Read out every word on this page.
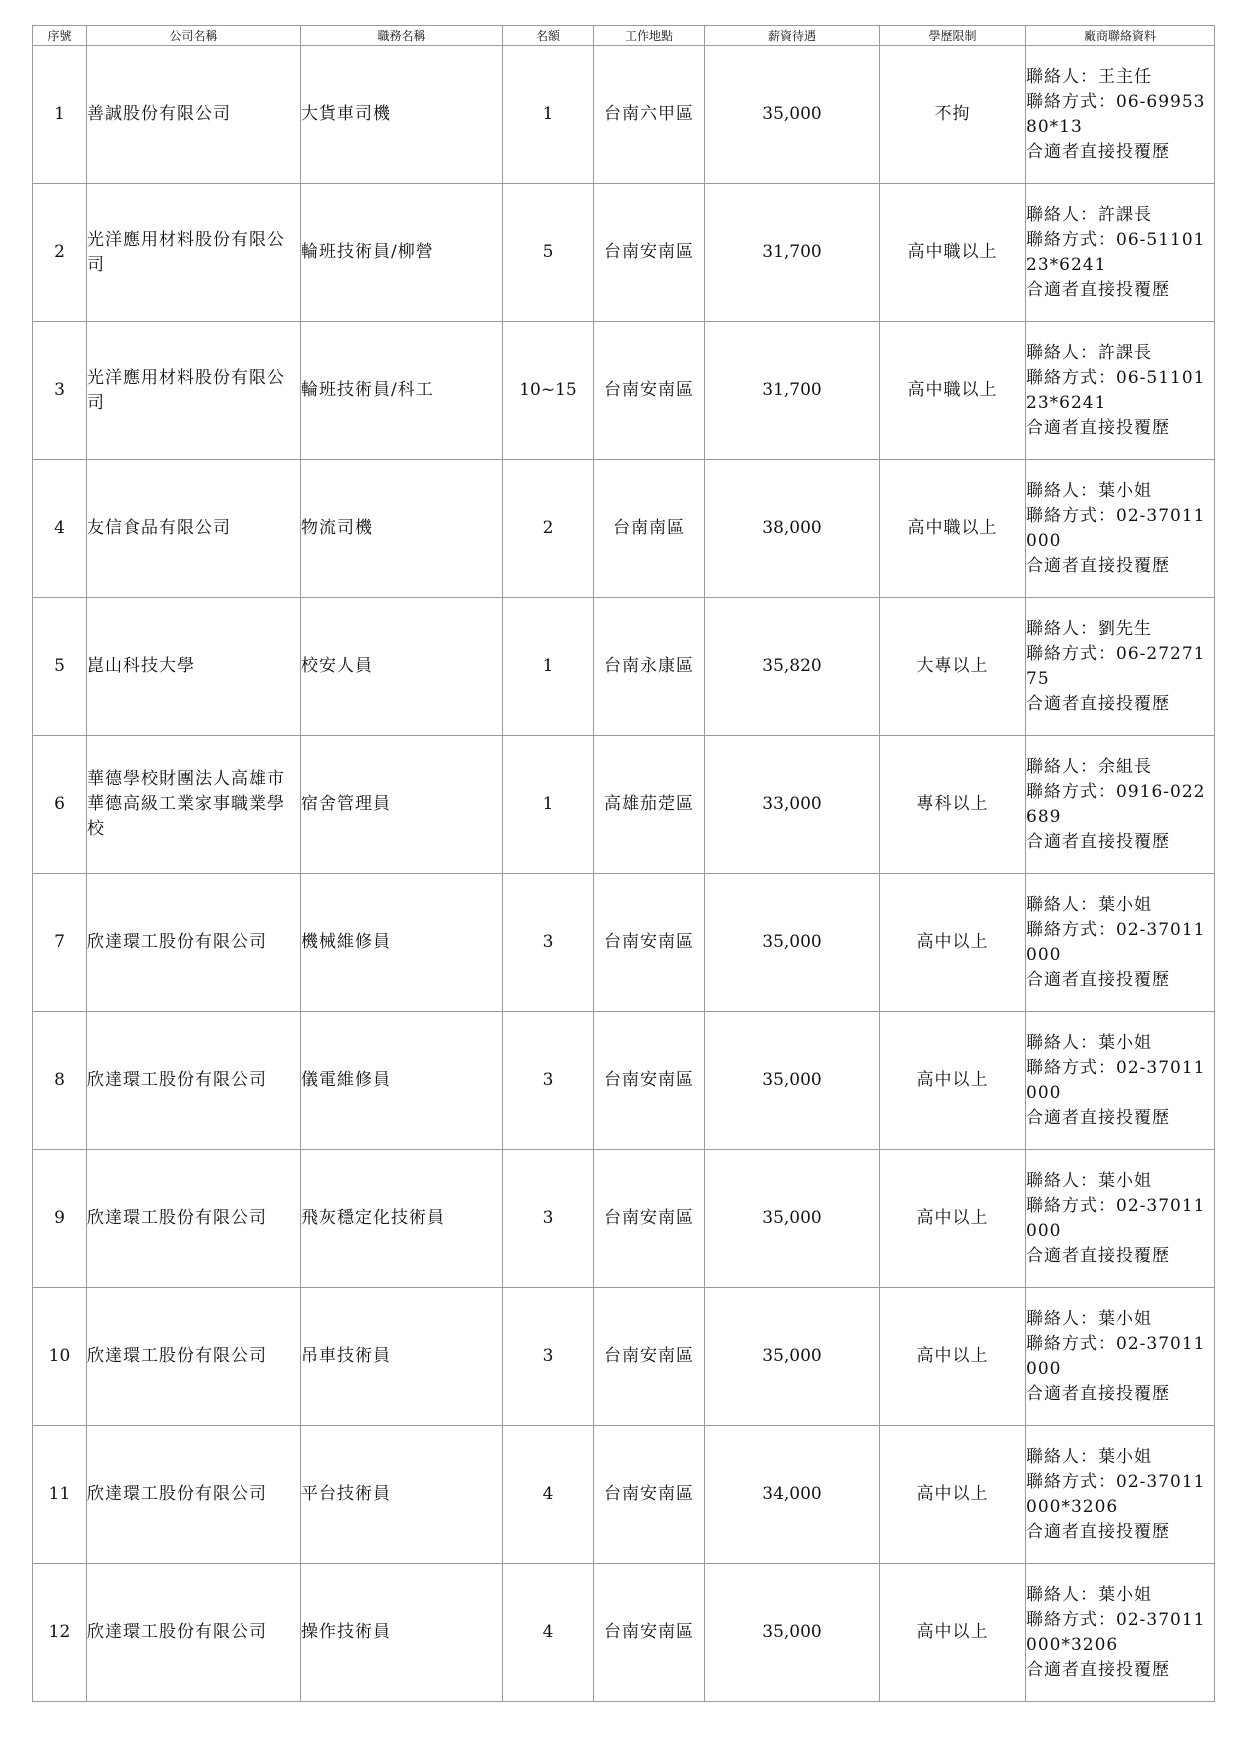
序號	公司名稱	職務名稱	名額	工作地點	薪資待遇	學歷限制	廠商聯絡資料
1	善誠股份有限公司	大貨車司機	1	台南六甲區	35,000	不拘	聯絡人：王主任
聯絡方式：06-6995380*13
合適者直接投覆歷

2	光洋應用材料股份有限公司	輪班技術員/柳營	5	台南安南區	31,700	高中職以上	聯絡人：許課長
聯絡方式：06-5110123*6241
合適者直接投覆歷

3	光洋應用材料股份有限公司	輪班技術員/科工	10~15	台南安南區	31,700	高中職以上	聯絡人：許課長
聯絡方式：06-5110123*6241
合適者直接投覆歷

4	友信食品有限公司	物流司機	2	台南南區	38,000	高中職以上	聯絡人：葉小姐
聯絡方式：02-37011000
合適者直接投覆歷

5	崑山科技大學	校安人員	1	台南永康區	35,820	大專以上	聯絡人：劉先生
聯絡方式：06-2727175
合適者直接投覆歷

6	華德學校財團法人高雄市華德高級工業家事職業學校	宿舍管理員	1	高雄茄萣區	33,000	專科以上	聯絡人：余組長
聯絡方式：0916-022689
合適者直接投覆歷

7	欣達環工股份有限公司	機械維修員	3	台南安南區	35,000	高中以上	聯絡人：葉小姐
聯絡方式：02-37011000
合適者直接投覆歷

8	欣達環工股份有限公司	儀電維修員	3	台南安南區	35,000	高中以上	聯絡人：葉小姐
聯絡方式：02-37011000
合適者直接投覆歷

9	欣達環工股份有限公司	飛灰穩定化技術員	3	台南安南區	35,000	高中以上	聯絡人：葉小姐
聯絡方式：02-37011000
合適者直接投覆歷

10	欣達環工股份有限公司	吊車技術員	3	台南安南區	35,000	高中以上	聯絡人：葉小姐
聯絡方式：02-37011000
合適者直接投覆歷

11	欣達環工股份有限公司	平台技術員	4	台南安南區	34,000	高中以上	聯絡人：葉小姐
聯絡方式：02-37011000*3206
合適者直接投覆歷

12	欣達環工股份有限公司	操作技術員	4	台南安南區	35,000	高中以上	聯絡人：葉小姐
聯絡方式：02-37011000*3206
合適者直接投覆歷
